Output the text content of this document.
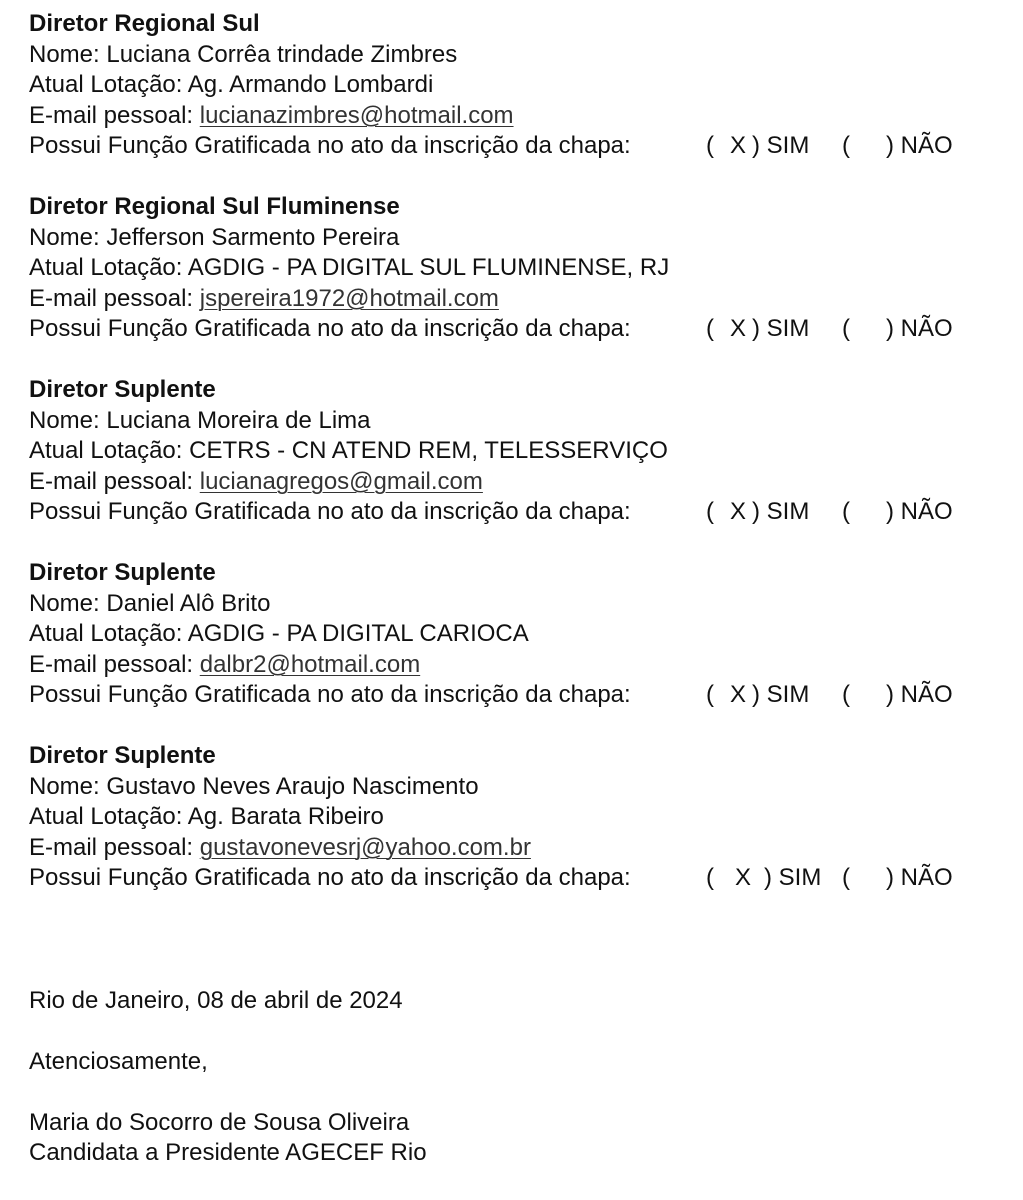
Diretor Regional Sul
Nome: Luciana Corrêa trindade Zimbres
Atual Lotação: Ag. Armando Lombardi
E-mail pessoal: lucianazimbres@hotmail.com

Possui Função Gratificada no ato da inscrição da chapa:

	(

X

) SIM

(

) NÃO

Diretor Regional Sul Fluminense
Nome: Jefferson Sarmento Pereira
Atual Lotação: AGDIG - PA DIGITAL SUL FLUMINENSE, RJ
E-mail pessoal: jspereira1972@hotmail.com

Possui Função Gratificada no ato da inscrição da chapa:

	(

X

) SIM

(

) NÃO

Diretor Suplente
Nome: Luciana Moreira de Lima
Atual Lotação: CETRS - CN ATEND REM, TELESSERVIÇO
E-mail pessoal: lucianagregos@gmail.com

Possui Função Gratificada no ato da inscrição da chapa:

	(

X

) SIM

(

) NÃO

Diretor Suplente
Nome: Daniel Alô Brito
Atual Lotação: AGDIG - PA DIGITAL CARIOCA
E-mail pessoal: dalbr2@hotmail.com

Possui Função Gratificada no ato da inscrição da chapa:

	(

X

) SIM

(

) NÃO

Diretor Suplente
Nome: Gustavo Neves Araujo Nascimento
Atual Lotação: Ag. Barata Ribeiro
E-mail pessoal: gustavonevesrj@yahoo.com.br

Possui Função Gratificada no ato da inscrição da chapa:

	(

X

) SIM

(

) NÃO

Rio de Janeiro, 08 de abril de 2024
Atenciosamente,
Maria do Socorro de Sousa Oliveira
Candidata a Presidente AGECEF Rio
